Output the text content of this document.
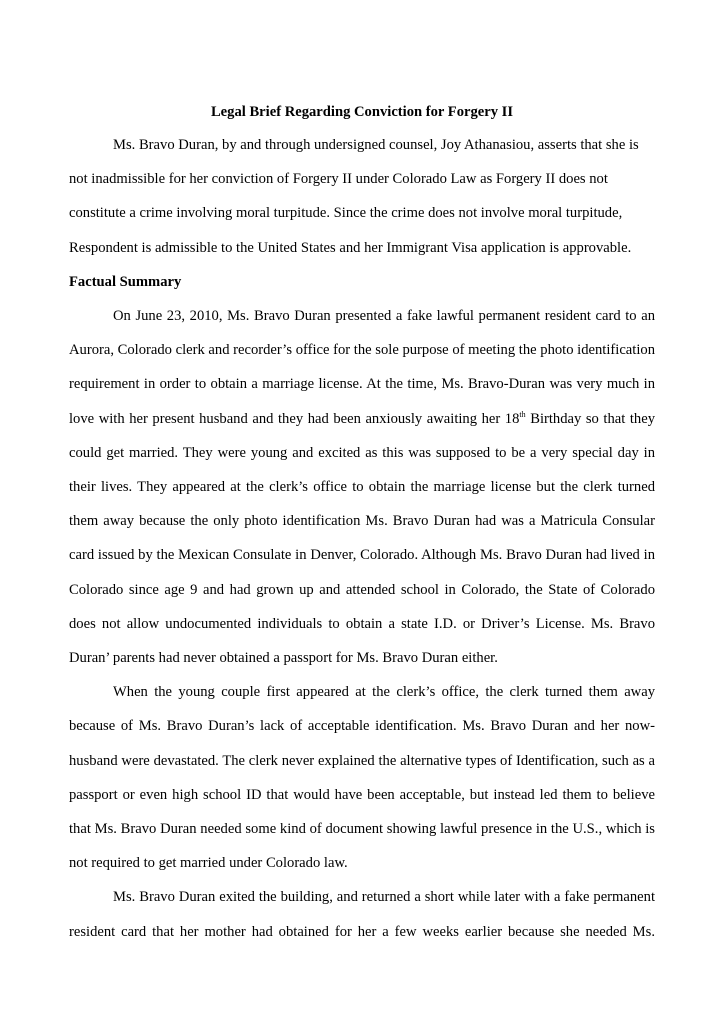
Legal Brief Regarding Conviction for Forgery II

Ms. Bravo Duran, by and through undersigned counsel, Joy Athanasiou, asserts that she is not inadmissible for her conviction of Forgery II under Colorado Law as Forgery II does not constitute a crime involving moral turpitude. Since the crime does not involve moral turpitude, Respondent is admissible to the United States and her Immigrant Visa application is approvable.

Factual Summary

On June 23, 2010, Ms. Bravo Duran presented a fake lawful permanent resident card to an Aurora, Colorado clerk and recorder’s office for the sole purpose of meeting the photo identification requirement in order to obtain a marriage license. At the time, Ms. Bravo-Duran was very much in love with her present husband and they had been anxiously awaiting her 18th Birthday so that they could get married. They were young and excited as this was supposed to be a very special day in their lives. They appeared at the clerk’s office to obtain the marriage license but the clerk turned them away because the only photo identification Ms. Bravo Duran had was a Matricula Consular card issued by the Mexican Consulate in Denver, Colorado. Although Ms. Bravo Duran had lived in Colorado since age 9 and had grown up and attended school in Colorado, the State of Colorado does not allow undocumented individuals to obtain a state I.D. or Driver’s License. Ms. Bravo Duran’ parents had never obtained a passport for Ms. Bravo Duran either.

When the young couple first appeared at the clerk’s office, the clerk turned them away because of Ms. Bravo Duran’s lack of acceptable identification. Ms. Bravo Duran and her now-husband were devastated. The clerk never explained the alternative types of Identification, such as a passport or even high school ID that would have been acceptable, but instead led them to believe that Ms. Bravo Duran needed some kind of document showing lawful presence in the U.S., which is not required to get married under Colorado law.

Ms. Bravo Duran exited the building, and returned a short while later with a fake permanent resident card that her mother had obtained for her a few weeks earlier because she needed Ms.
